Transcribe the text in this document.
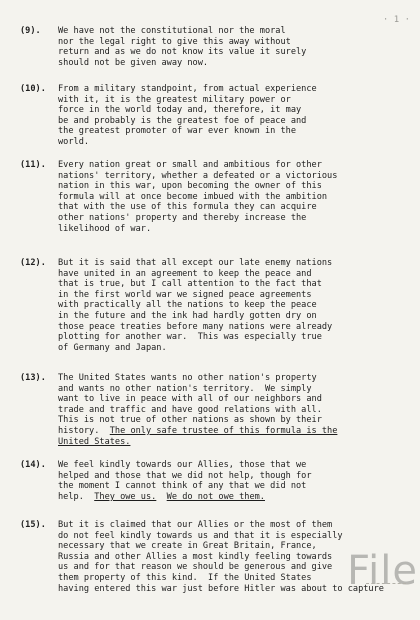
· 1 ·
(9).	We have not the constitutional nor the moral
nor the legal right to give this away without
return and as we do not know its value it surely
should not be given away now.
(10).	From a military standpoint, from actual experience
with it, it is the greatest military power or
force in the world today and, therefore, it may
be and probably is the greatest foe of peace and
the greatest promoter of war ever known in the
world.
(11).	Every nation great or small and ambitious for other
nations' territory, whether a defeated or a victorious
nation in this war, upon becoming the owner of this
formula will at once become imbued with the ambition
that with the use of this formula they can acquire
other nations' property and thereby increase the
likelihood of war.
(12).	But it is said that all except our late enemy nations
have united in an agreement to keep the peace and
that is true, but I call attention to the fact that
in the first world war we signed peace agreements
with practically all the nations to keep the peace
in the future and the ink had hardly gotten dry on
those peace treaties before many nations were already
plotting for another war.  This was especially true
of Germany and Japan.
(13).	The United States wants no other nation's property
and wants no other nation's territory.  We simply
want to live in peace with all of our neighbors and
trade and traffic and have good relations with all.
This is not true of other nations as shown by their
history.  The only safe trustee of this formula is the
United States.
(14).	We feel kindly towards our Allies, those that we
helped and those that we did not help, though for
the moment I cannot think of any that we did not
help.  They owe us. We do not owe them.
(15).	But it is claimed that our Allies or the most of them
do not feel kindly towards us and that it is especially
necessary that we create in Great Britain, France,
Russia and other Allies a most kindly feeling towards
us and for that reason we should be generous and give
them property of this kind.  If the United States
having entered this war just before Hitler was about to capture
File
